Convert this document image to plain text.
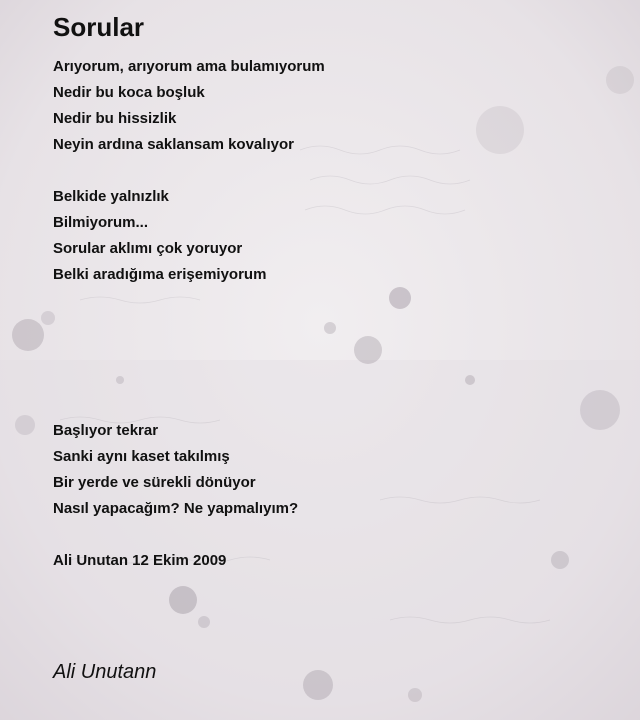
Sorular
Arıyorum, arıyorum ama bulamıyorum
Nedir bu koca boşluk
Nedir bu hissizlik
Neyin ardına saklansam kovalıyor
Belkide yalnızlık
Bilmiyorum...
Sorular aklımı çok yoruyor
Belki aradığıma erişemiyorum
Başlıyor tekrar
Sanki aynı kaset takılmış
Bir yerde ve sürekli dönüyor
Nasıl yapacağım? Ne yapmalıyım?
Ali Unutan 12 Ekim 2009
Ali Unutann
